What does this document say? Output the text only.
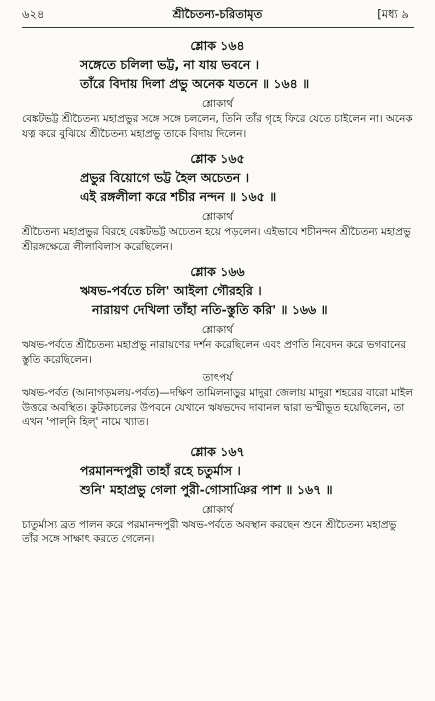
৬২৪	শ্রীচৈতন্য-চরিতামৃত	[মধ্য ৯
শ্লোক ১৬৪
সঙ্গেতে চলিলা ভট্ট, না যায় ভবনে ।
তাঁরে বিদায় দিলা প্রভু অনেক যতনে ॥ ১৬৪ ॥
শ্লোকার্থ
বেঙ্কটভট্ট শ্রীচৈতন্য মহাপ্রভুর সঙ্গে সঙ্গে চললেন, তিনি তাঁর গৃহে ফিরে যেতে চাইলেন না। অনেক যত্ন করে বুঝিয়ে শ্রীচৈতন্য মহাপ্রভু তাকে বিদায় দিলেন।
শ্লোক ১৬৫
প্রভুর বিয়োগে ভট্ট হৈল অচেতন ।
এই রঙ্গলীলা করে শচীর নন্দন ॥ ১৬৫ ॥
শ্লোকার্থ
শ্রীচৈতন্য মহাপ্রভুর বিরহে বেঙ্কটভট্ট অচেতন হয়ে পড়লেন। এইভাবে শচীনন্দন শ্রীচৈতন্য মহাপ্রভু শ্রীরঙ্গক্ষেত্রে লীলাবিলাস করেছিলেন।
শ্লোক ১৬৬
ঋষভ-পর্বতে চলি' আইলা গৌরহরি ।
নারায়ণ দেখিলা তাঁহা নতি-স্তুতি করি' ॥ ১৬৬ ॥
শ্লোকার্থ
ঋষভ-পর্বতে শ্রীচৈতন্য মহাপ্রভু নারায়ণের দর্শন করেছিলেন এবং প্রণতি নিবেদন করে ভগবানের স্তুতি করেছিলেন।
তাৎপর্য
ঋষভ-পর্বত (আনাগড়মলয়-পর্বত)—দক্ষিণ তামিলনাড়ুর মাদুরা জেলায় মাদুরা শহরের বারো মাইল উত্তরে অবস্থিত। কুটকাচলের উপবনে যেখানে ঋষভদেব দাবানল দ্বারা ভস্মীভূত হয়েছিলেন, তা এখন 'পাল্‌নি হিল্' নামে খ্যাত।
শ্লোক ১৬৭
পরমানন্দপুরী তাহাঁ রহে চতুর্মাস ।
শুনি' মহাপ্রভু গেলা পুরী-গোসাঞির পাশ ॥ ১৬৭ ॥
শ্লোকার্থ
চাতুর্মাস্য ব্রত পালন করে পরমানন্দপুরী ঋষভ-পর্বতে অবস্থান করছেন শুনে শ্রীচৈতন্য মহাপ্রভু তাঁর সঙ্গে সাক্ষাৎ করতে গেলেন।
